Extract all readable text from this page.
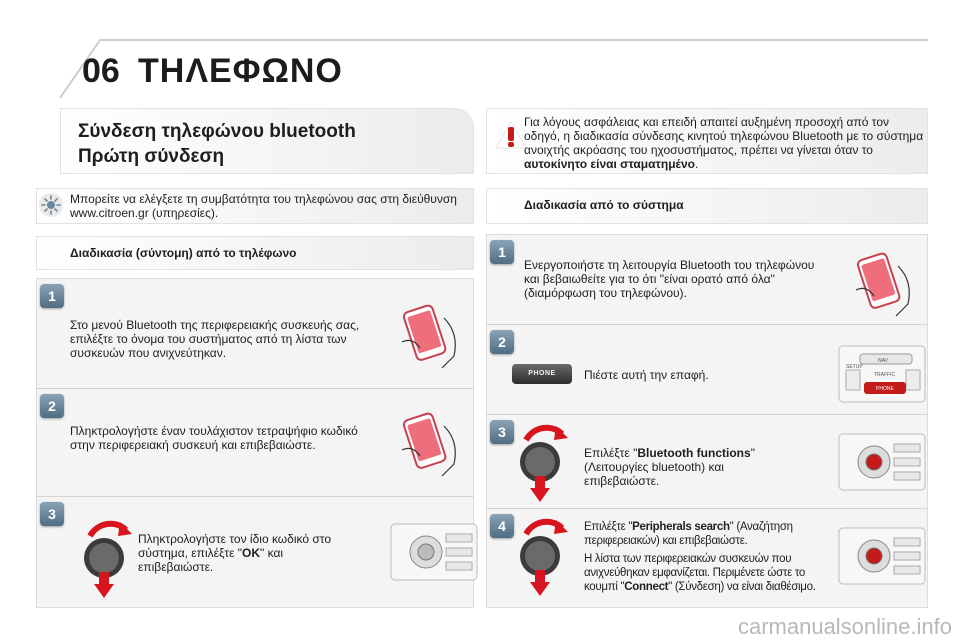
06 ΤΗΛΕΦΩΝΟ
Σύνδεση τηλεφώνου bluetooth
Πρώτη σύνδεση
Για λόγους ασφάλειας και επειδή απαιτεί αυξημένη προσοχή από τον οδηγό, η διαδικασία σύνδεσης κινητού τηλεφώνου Bluetooth με το σύστημα ανοιχτής ακρόασης του ηχοσυστήματος, πρέπει να γίνεται όταν το αυτοκίνητο είναι σταματημένο.
Μπορείτε να ελέγξετε τη συμβατότητα του τηλεφώνου σας στη διεύθυνση www.citroen.gr (υπηρεσίες).
Διαδικασία (σύντομη) από το τηλέφωνο
Διαδικασία από το σύστημα
1
Στο μενού Bluetooth της περιφερειακής συσκευής σας, επιλέξτε το όνομα του συστήματος από τη λίστα των συσκευών που ανιχνεύτηκαν.
2
Πληκτρολογήστε έναν τουλάχιστον τετραψήφιο κωδικό στην περιφερειακή συσκευή και επιβεβαιώστε.
3
Πληκτρολογήστε τον ίδιο κωδικό στο σύστημα, επιλέξτε "OK" και επιβεβαιώστε.
1
Ενεργοποιήστε τη λειτουργία Bluetooth του τηλεφώνου και βεβαιωθείτε για το ότι "είναι ορατό από όλα" (διαμόρφωση του τηλεφώνου).
2
PHONE	Πιέστε αυτή την επαφή.
NAV
TRAFFIC
SETUP
PHONE
3
Επιλέξτε "Bluetooth functions" (Λειτουργίες bluetooth) και επιβεβαιώστε.
4	Επιλέξτε "Peripherals search" (Αναζήτηση περιφερειακών) και επιβεβαιώστε.
Η λίστα των περιφερειακών συσκευών που ανιχνεύθηκαν εμφανίζεται. Περιμένετε ώστε το κουμπί "Connect" (Σύνδεση) να είναι διαθέσιμο.
carmanualsonline.info
